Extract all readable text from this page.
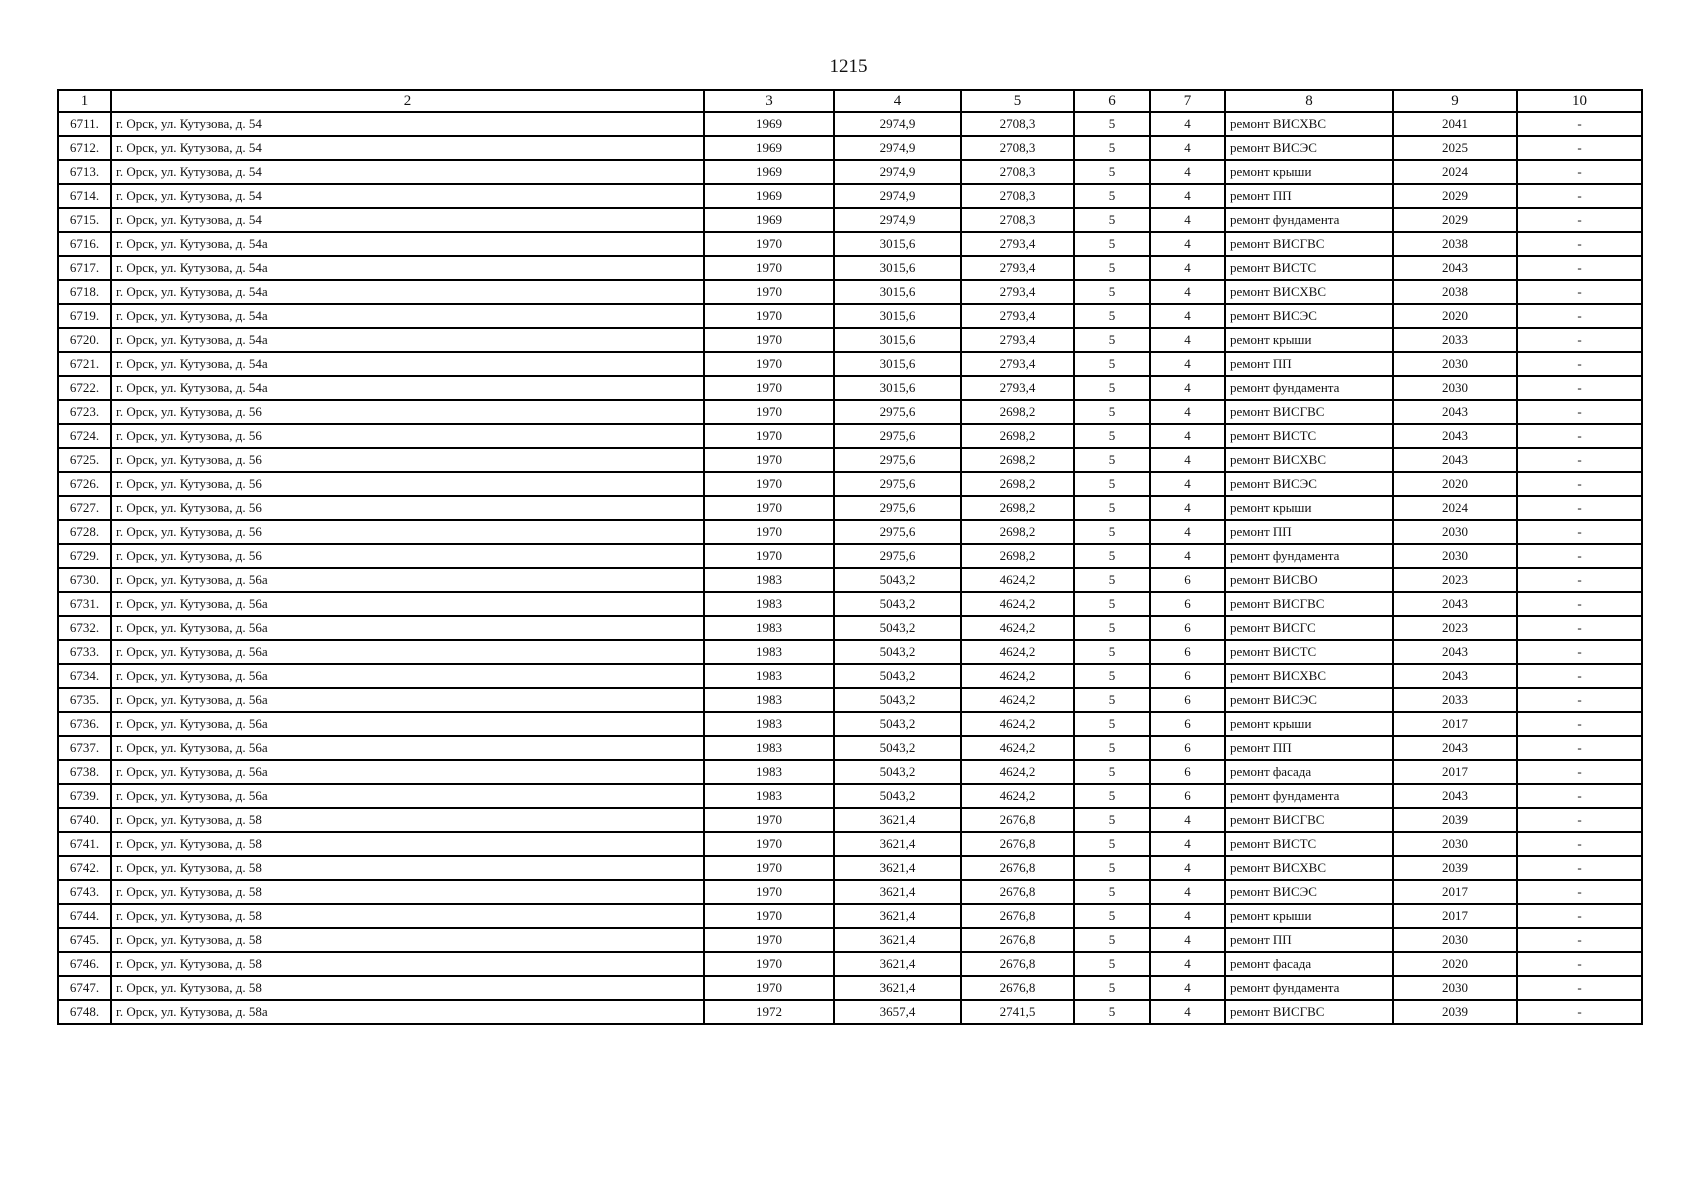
1215
1	2	3	4	5	6	7	8	9	10
6711.	г. Орск, ул. Кутузова, д. 54	1969	2974,9	2708,3	5	4	ремонт ВИСХВС	2041	-
6712.	г. Орск, ул. Кутузова, д. 54	1969	2974,9	2708,3	5	4	ремонт ВИСЭС	2025	-
6713.	г. Орск, ул. Кутузова, д. 54	1969	2974,9	2708,3	5	4	ремонт крыши	2024	-
6714.	г. Орск, ул. Кутузова, д. 54	1969	2974,9	2708,3	5	4	ремонт ПП	2029	-
6715.	г. Орск, ул. Кутузова, д. 54	1969	2974,9	2708,3	5	4	ремонт фундамента	2029	-
6716.	г. Орск, ул. Кутузова, д. 54а	1970	3015,6	2793,4	5	4	ремонт ВИСГВС	2038	-
6717.	г. Орск, ул. Кутузова, д. 54а	1970	3015,6	2793,4	5	4	ремонт ВИСТС	2043	-
6718.	г. Орск, ул. Кутузова, д. 54а	1970	3015,6	2793,4	5	4	ремонт ВИСХВС	2038	-
6719.	г. Орск, ул. Кутузова, д. 54а	1970	3015,6	2793,4	5	4	ремонт ВИСЭС	2020	-
6720.	г. Орск, ул. Кутузова, д. 54а	1970	3015,6	2793,4	5	4	ремонт крыши	2033	-
6721.	г. Орск, ул. Кутузова, д. 54а	1970	3015,6	2793,4	5	4	ремонт ПП	2030	-
6722.	г. Орск, ул. Кутузова, д. 54а	1970	3015,6	2793,4	5	4	ремонт фундамента	2030	-
6723.	г. Орск, ул. Кутузова, д. 56	1970	2975,6	2698,2	5	4	ремонт ВИСГВС	2043	-
6724.	г. Орск, ул. Кутузова, д. 56	1970	2975,6	2698,2	5	4	ремонт ВИСТС	2043	-
6725.	г. Орск, ул. Кутузова, д. 56	1970	2975,6	2698,2	5	4	ремонт ВИСХВС	2043	-
6726.	г. Орск, ул. Кутузова, д. 56	1970	2975,6	2698,2	5	4	ремонт ВИСЭС	2020	-
6727.	г. Орск, ул. Кутузова, д. 56	1970	2975,6	2698,2	5	4	ремонт крыши	2024	-
6728.	г. Орск, ул. Кутузова, д. 56	1970	2975,6	2698,2	5	4	ремонт ПП	2030	-
6729.	г. Орск, ул. Кутузова, д. 56	1970	2975,6	2698,2	5	4	ремонт фундамента	2030	-
6730.	г. Орск, ул. Кутузова, д. 56а	1983	5043,2	4624,2	5	6	ремонт ВИСВО	2023	-
6731.	г. Орск, ул. Кутузова, д. 56а	1983	5043,2	4624,2	5	6	ремонт ВИСГВС	2043	-
6732.	г. Орск, ул. Кутузова, д. 56а	1983	5043,2	4624,2	5	6	ремонт ВИСГС	2023	-
6733.	г. Орск, ул. Кутузова, д. 56а	1983	5043,2	4624,2	5	6	ремонт ВИСТС	2043	-
6734.	г. Орск, ул. Кутузова, д. 56а	1983	5043,2	4624,2	5	6	ремонт ВИСХВС	2043	-
6735.	г. Орск, ул. Кутузова, д. 56а	1983	5043,2	4624,2	5	6	ремонт ВИСЭС	2033	-
6736.	г. Орск, ул. Кутузова, д. 56а	1983	5043,2	4624,2	5	6	ремонт крыши	2017	-
6737.	г. Орск, ул. Кутузова, д. 56а	1983	5043,2	4624,2	5	6	ремонт ПП	2043	-
6738.	г. Орск, ул. Кутузова, д. 56а	1983	5043,2	4624,2	5	6	ремонт фасада	2017	-
6739.	г. Орск, ул. Кутузова, д. 56а	1983	5043,2	4624,2	5	6	ремонт фундамента	2043	-
6740.	г. Орск, ул. Кутузова, д. 58	1970	3621,4	2676,8	5	4	ремонт ВИСГВС	2039	-
6741.	г. Орск, ул. Кутузова, д. 58	1970	3621,4	2676,8	5	4	ремонт ВИСТС	2030	-
6742.	г. Орск, ул. Кутузова, д. 58	1970	3621,4	2676,8	5	4	ремонт ВИСХВС	2039	-
6743.	г. Орск, ул. Кутузова, д. 58	1970	3621,4	2676,8	5	4	ремонт ВИСЭС	2017	-
6744.	г. Орск, ул. Кутузова, д. 58	1970	3621,4	2676,8	5	4	ремонт крыши	2017	-
6745.	г. Орск, ул. Кутузова, д. 58	1970	3621,4	2676,8	5	4	ремонт ПП	2030	-
6746.	г. Орск, ул. Кутузова, д. 58	1970	3621,4	2676,8	5	4	ремонт фасада	2020	-
6747.	г. Орск, ул. Кутузова, д. 58	1970	3621,4	2676,8	5	4	ремонт фундамента	2030	-
6748.	г. Орск, ул. Кутузова, д. 58а	1972	3657,4	2741,5	5	4	ремонт ВИСГВС	2039	-
